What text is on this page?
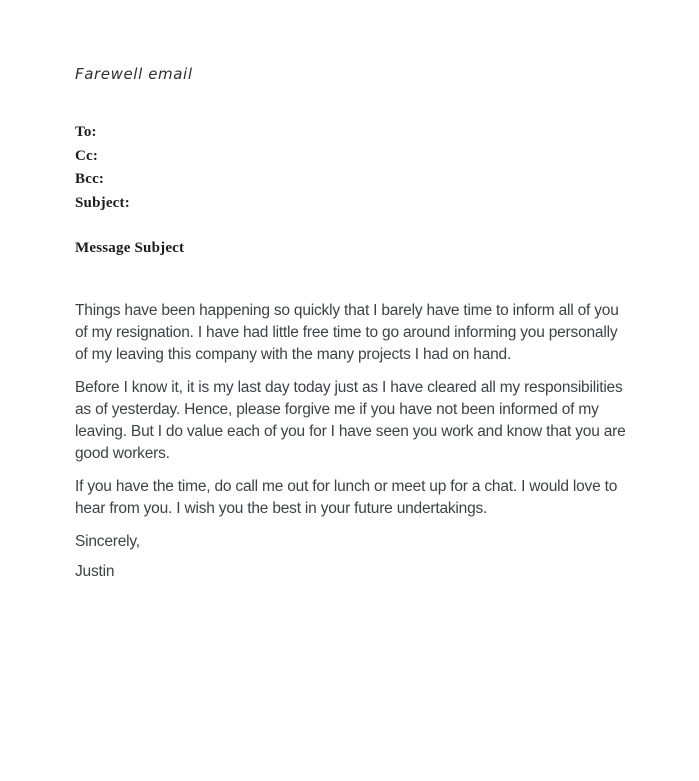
Farewell email
To:
Cc:
Bcc:
Subject:
Message Subject

Things have been happening so quickly that I barely have time to inform all of you of my resignation. I have had little free time to go around informing you personally of my leaving this company with the many projects I had on hand.

Before I know it, it is my last day today just as I have cleared all my responsibilities as of yesterday. Hence, please forgive me if you have not been informed of my leaving. But I do value each of you for I have seen you work and know that you are good workers.

If you have the time, do call me out for lunch or meet up for a chat. I would love to hear from you. I wish you the best in your future undertakings.

Sincerely,

Justin
